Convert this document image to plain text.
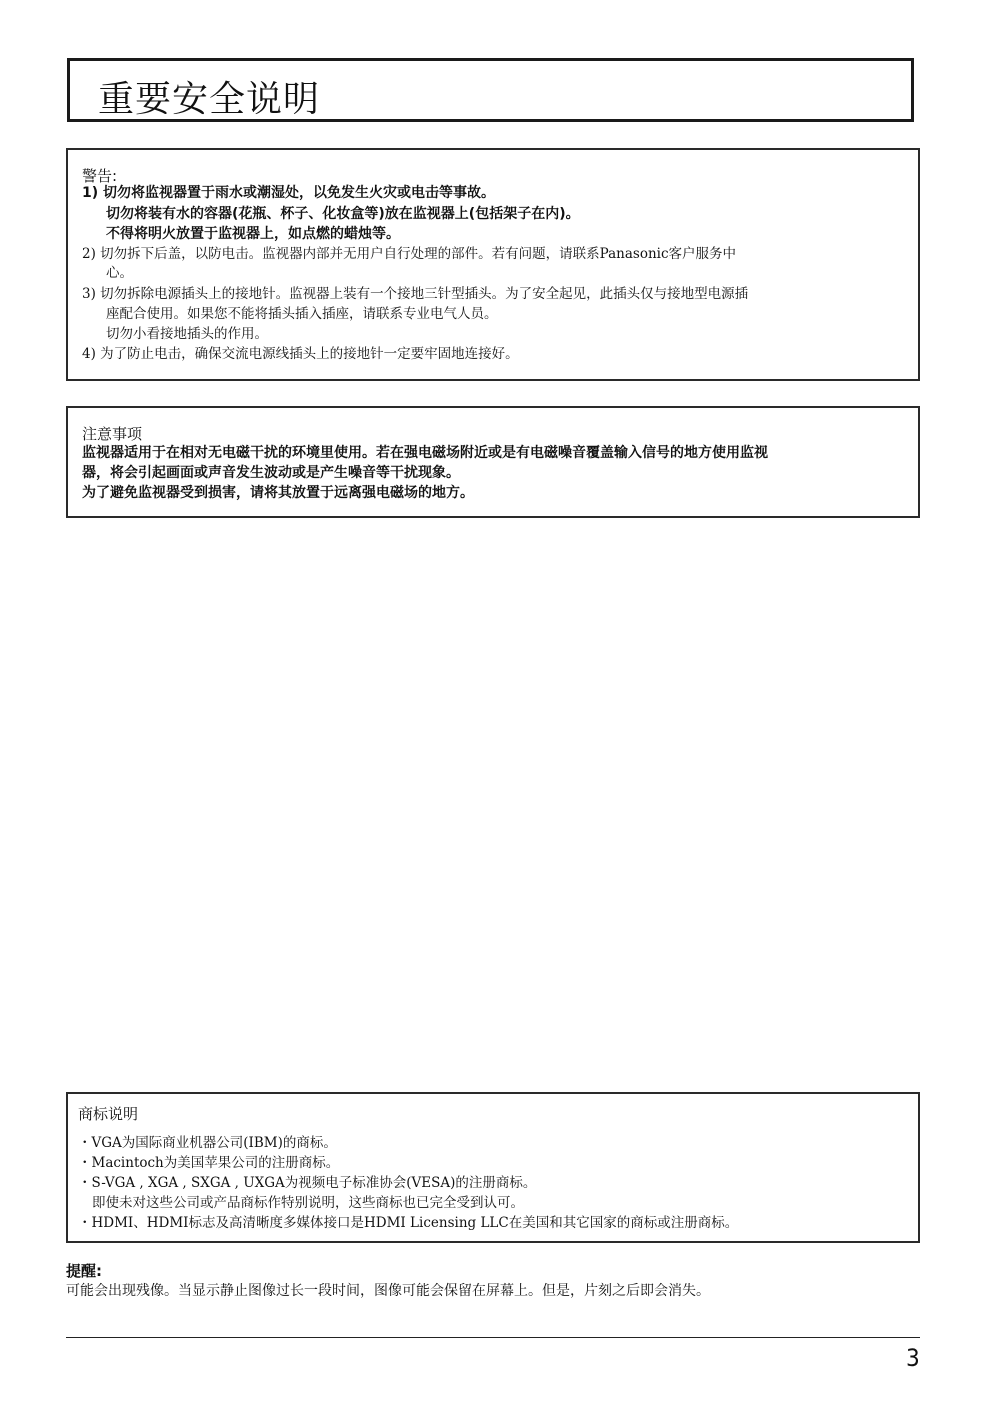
重要安全说明
警告:
1) 切勿将监视器置于雨水或潮湿处，以免发生火灾或电击等事故。
切勿将装有水的容器(花瓶、杯子、化妆盒等)放在监视器上(包括架子在内)。
不得将明火放置于监视器上，如点燃的蜡烛等。
2) 切勿拆下后盖，以防电击。监视器内部并无用户自行处理的部件。若有问题，请联系Panasonic客户服务中
心。
3) 切勿拆除电源插头上的接地针。监视器上装有一个接地三针型插头。为了安全起见，此插头仅与接地型电源插
座配合使用。如果您不能将插头插入插座，请联系专业电气人员。
切勿小看接地插头的作用。
4) 为了防止电击，确保交流电源线插头上的接地针一定要牢固地连接好。
注意事项
监视器适用于在相对无电磁干扰的环境里使用。若在强电磁场附近或是有电磁噪音覆盖输入信号的地方使用监视
器，将会引起画面或声音发生波动或是产生噪音等干扰现象。
为了避免监视器受到损害，请将其放置于远离强电磁场的地方。
商标说明
・VGA为国际商业机器公司(IBM)的商标。
・Macintoch为美国苹果公司的注册商标。
・S-VGA , XGA , SXGA , UXGA为视频电子标准协会(VESA)的注册商标。
即使未对这些公司或产品商标作特别说明，这些商标也已完全受到认可。
・HDMI、HDMI标志及高清晰度多媒体接口是HDMI Licensing LLC在美国和其它国家的商标或注册商标。
提醒:
可能会出现残像。当显示静止图像过长一段时间，图像可能会保留在屏幕上。但是，片刻之后即会消失。
3
